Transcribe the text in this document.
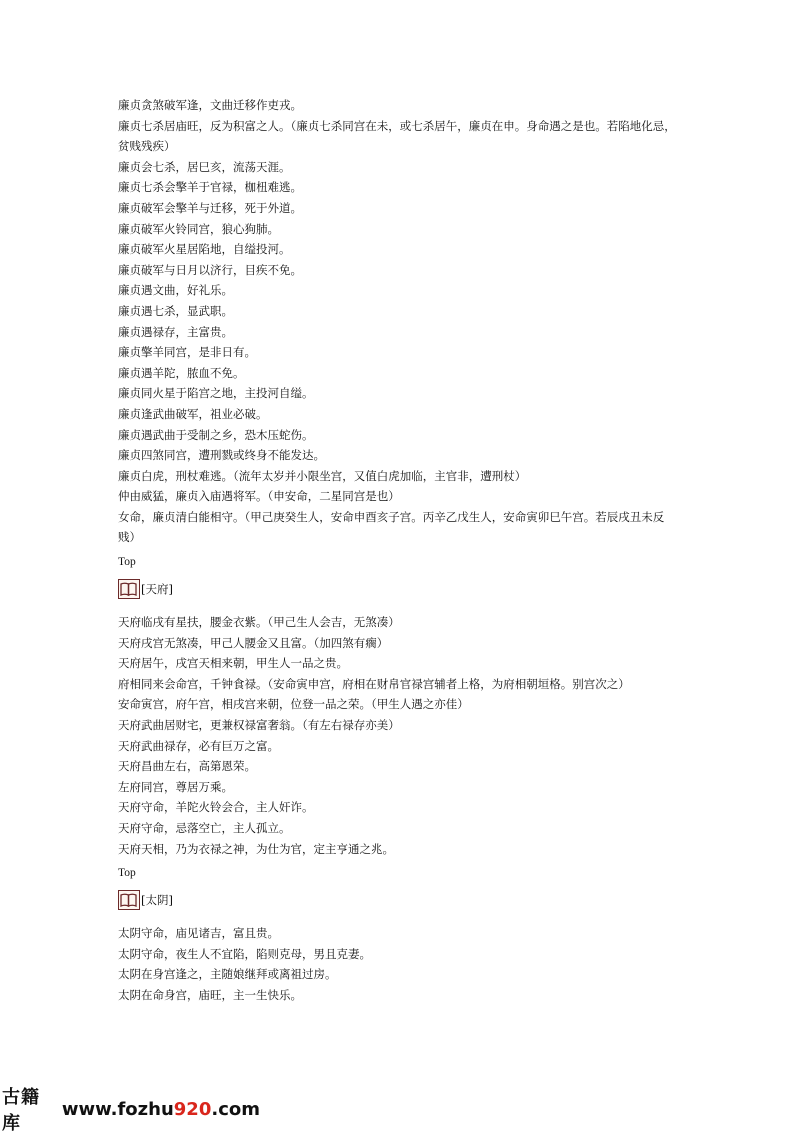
廉贞贪煞破军逢，文曲迁移作吏戎。
廉贞七杀居庙旺，反为积富之人。（廉贞七杀同宫在未，或七杀居午，廉贞在申。身命遇之是也。若陷地化忌，贫贱残疾）
廉贞会七杀，居巳亥，流荡天涯。
廉贞七杀会擎羊于官禄，枷杻难逃。
廉贞破军会擎羊与迁移，死于外道。
廉贞破军火铃同宫，狼心狗肺。
廉贞破军火星居陷地，自缢投河。
廉贞破军与日月以济行，目疾不免。
廉贞遇文曲，好礼乐。
廉贞遇七杀，显武职。
廉贞遇禄存，主富贵。
廉贞擎羊同宫，是非日有。
廉贞遇羊陀，脓血不免。
廉贞同火星于陷宫之地，主投河自缢。
廉贞逢武曲破军，祖业必破。
廉贞遇武曲于受制之乡，恐木压蛇伤。
廉贞四煞同宫，遭刑戮或终身不能发达。
廉贞白虎，刑杖难逃。（流年太岁并小限坐宫，又值白虎加临，主官非，遭刑杖）
仲由威猛，廉贞入庙遇将军。（申安命，二星同宫是也）
女命，廉贞清白能相守。（甲己庚癸生人，安命申酉亥子宫。丙辛乙戊生人，安命寅卯巳午宫。若辰戌丑未反贱）
Top
[天府]
天府临戌有星扶，腰金衣紫。（甲己生人会吉，无煞凑）
天府戌宫无煞凑，甲己人腰金又且富。（加四煞有瘸）
天府居午，戌宫天相来朝，甲生人一品之贵。
府相同来会命宫，千钟食禄。（安命寅申宫，府相在财帛官禄宫辅者上格，为府相朝垣格。别宫次之）
安命寅宫，府午宫，相戌宫来朝，位登一品之荣。（甲生人遇之亦佳）
天府武曲居财宅，更兼权禄富奢翁。（有左右禄存亦美）
天府武曲禄存，必有巨万之富。
天府昌曲左右，高第恩荣。
左府同宫，尊居万乘。
天府守命，羊陀火铃会合，主人奸诈。
天府守命，忌落空亡，主人孤立。
天府天相，乃为衣禄之神，为仕为官，定主亨通之兆。
Top
[太阴]
太阴守命，庙见诸吉，富且贵。
太阴守命，夜生人不宜陷，陷则克母，男且克妻。
太阴在身宫逢之，主随娘继拜或离祖过房。
太阴在命身宫，庙旺，主一生快乐。
古籍库
www.fozhu920.com
